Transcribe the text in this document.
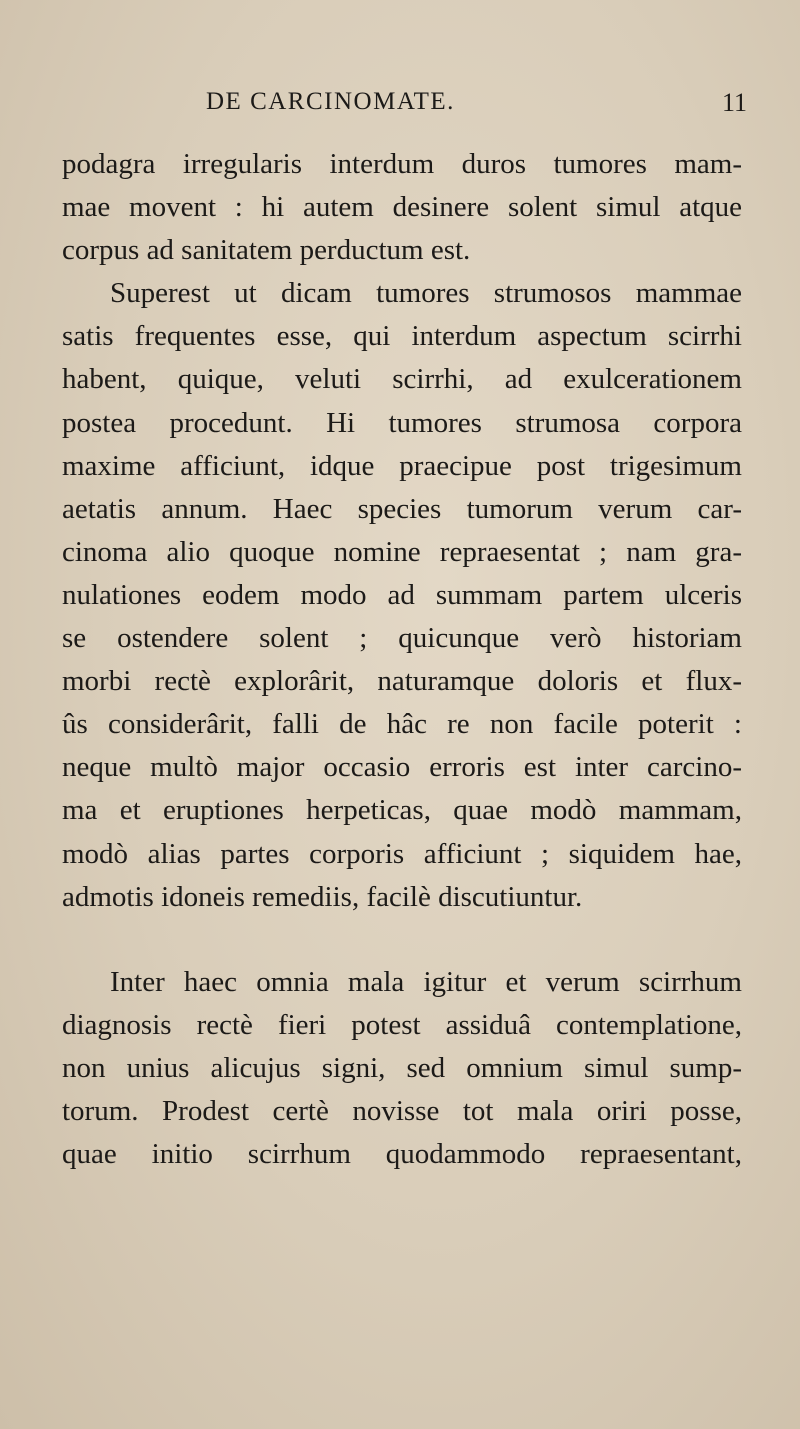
DE CARCINOMATE.	11
podagra irregularis interdum duros tumores mam-
mae movent : hi autem desinere solent simul atque
corpus ad sanitatem perductum est.
Superest ut dicam tumores strumosos mammae
satis frequentes esse, qui interdum aspectum scirrhi
habent, quique, veluti scirrhi, ad exulcerationem
postea procedunt. Hi tumores strumosa corpora
maxime afficiunt, idque praecipue post trigesimum
aetatis annum. Haec species tumorum verum car-
cinoma alio quoque nomine repraesentat ; nam gra-
nulationes eodem modo ad summam partem ulceris
se ostendere solent ; quicunque verò historiam
morbi rectè explorârit, naturamque doloris et flux-
ûs considerârit, falli de hâc re non facile poterit :
neque multò major occasio erroris est inter carcino-
ma et eruptiones herpeticas, quae modò mammam,
modò alias partes corporis afficiunt ; siquidem hae,
admotis idoneis remediis, facilè discutiuntur.
Inter haec omnia mala igitur et verum scirrhum
diagnosis rectè fieri potest assiduâ contemplatione,
non unius alicujus signi, sed omnium simul sump-
torum. Prodest certè novisse tot mala oriri posse,
quae initio scirrhum quodammodo repraesentant,
